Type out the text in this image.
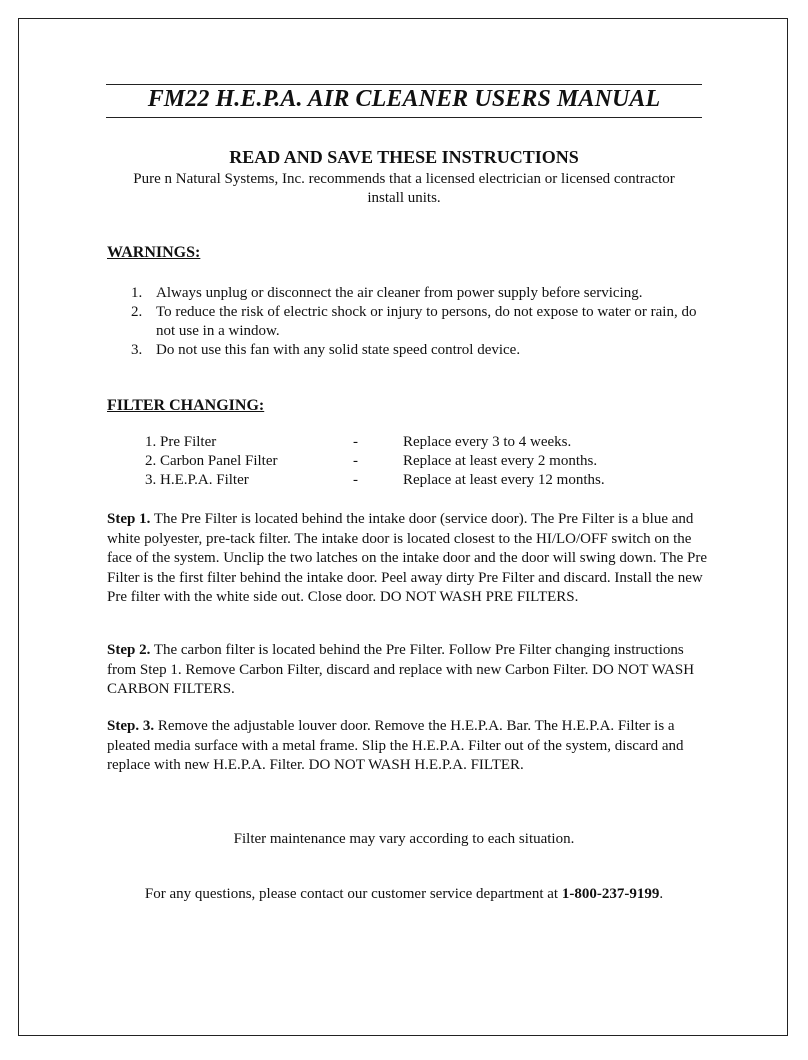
FM22 H.E.P.A. AIR CLEANER USERS MANUAL
READ AND SAVE THESE INSTRUCTIONS

Pure n Natural Systems, Inc. recommends that a licensed electrician or licensed contractor install units.

WARNINGS:
1. Always unplug or disconnect the air cleaner from power supply before servicing.
2. To reduce the risk of electric shock or injury to persons, do not expose to water or rain, do not use in a window.
3. Do not use this fan with any solid state speed control device.
FILTER CHANGING:
1. Pre Filter	-	Replace every 3 to 4 weeks.
2. Carbon Panel Filter	-	Replace at least every 2 months.
3. H.E.P.A. Filter	-	Replace at least every 12 months.

Step 1. The Pre Filter is located behind the intake door (service door). The Pre Filter is a blue and white polyester, pre-tack filter. The intake door is located closest to the HI/LO/OFF switch on the face of the system. Unclip the two latches on the intake door and the door will swing down. The Pre Filter is the first filter behind the intake door. Peel away dirty Pre Filter and discard. Install the new Pre filter with the white side out. Close door. DO NOT WASH PRE FILTERS.

Step 2. The carbon filter is located behind the Pre Filter. Follow Pre Filter changing instructions from Step 1. Remove Carbon Filter, discard and replace with new Carbon Filter. DO NOT WASH CARBON FILTERS.

Step. 3. Remove the adjustable louver door. Remove the H.E.P.A. Bar. The H.E.P.A. Filter is a pleated media surface with a metal frame. Slip the H.E.P.A. Filter out of the system, discard and replace with new H.E.P.A. Filter. DO NOT WASH H.E.P.A. FILTER.

Filter maintenance may vary according to each situation.

For any questions, please contact our customer service department at 1-800-237-9199.
